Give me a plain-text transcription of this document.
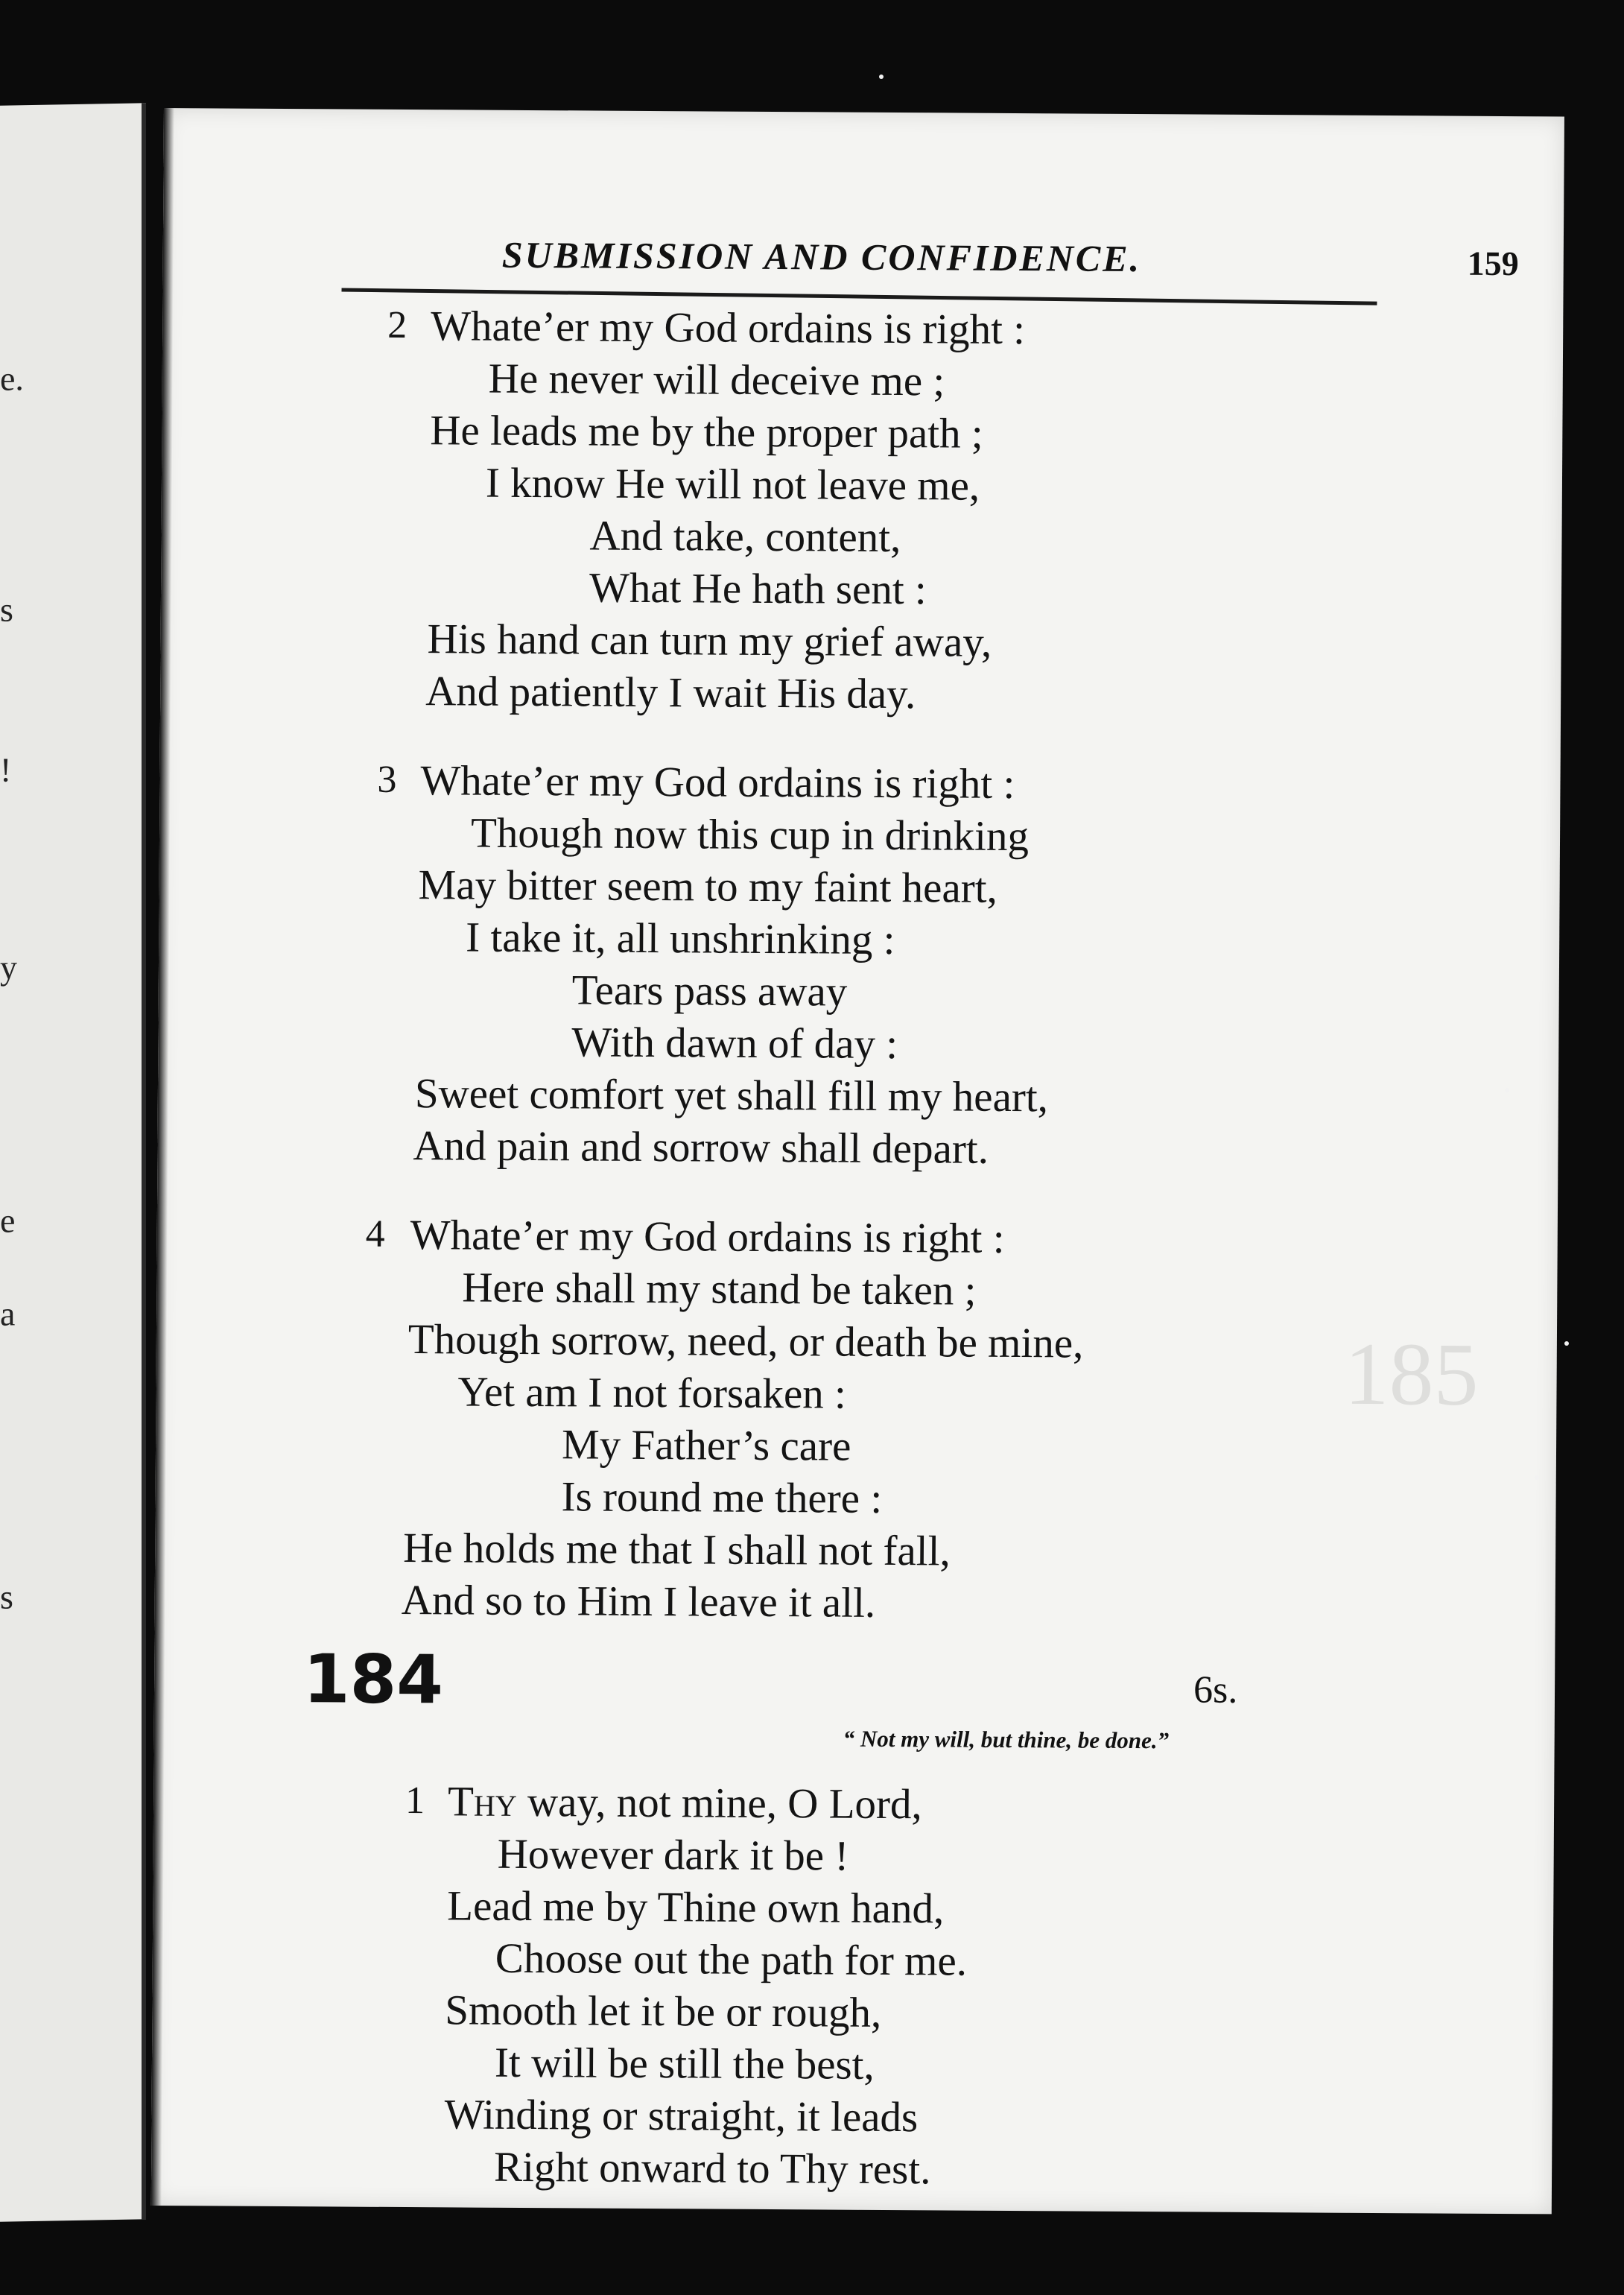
e.
s
!
y
e
a
s
185
SUBMISSION AND CONFIDENCE.	159
2 Whate’er my God ordains is right :
He never will deceive me ;
He leads me by the proper path ;
I know He will not leave me,
And take, content,
What He hath sent :
His hand can turn my grief away,
And patiently I wait His day.
3 Whate’er my God ordains is right :
Though now this cup in drinking
May bitter seem to my faint heart,
I take it, all unshrinking :
Tears pass away
With dawn of day :
Sweet comfort yet shall fill my heart,
And pain and sorrow shall depart.
4 Whate’er my God ordains is right :
Here shall my stand be taken ;
Though sorrow, need, or death be mine,
Yet am I not forsaken :
My Father’s care
Is round me there :
He holds me that I shall not fall,
And so to Him I leave it all.
184	6s.
“ Not my will, but thine, be done.”
1 Thy way, not mine, O Lord,
However dark it be !
Lead me by Thine own hand,
Choose out the path for me.
Smooth let it be or rough,
It will be still the best,
Winding or straight, it leads
Right onward to Thy rest.
